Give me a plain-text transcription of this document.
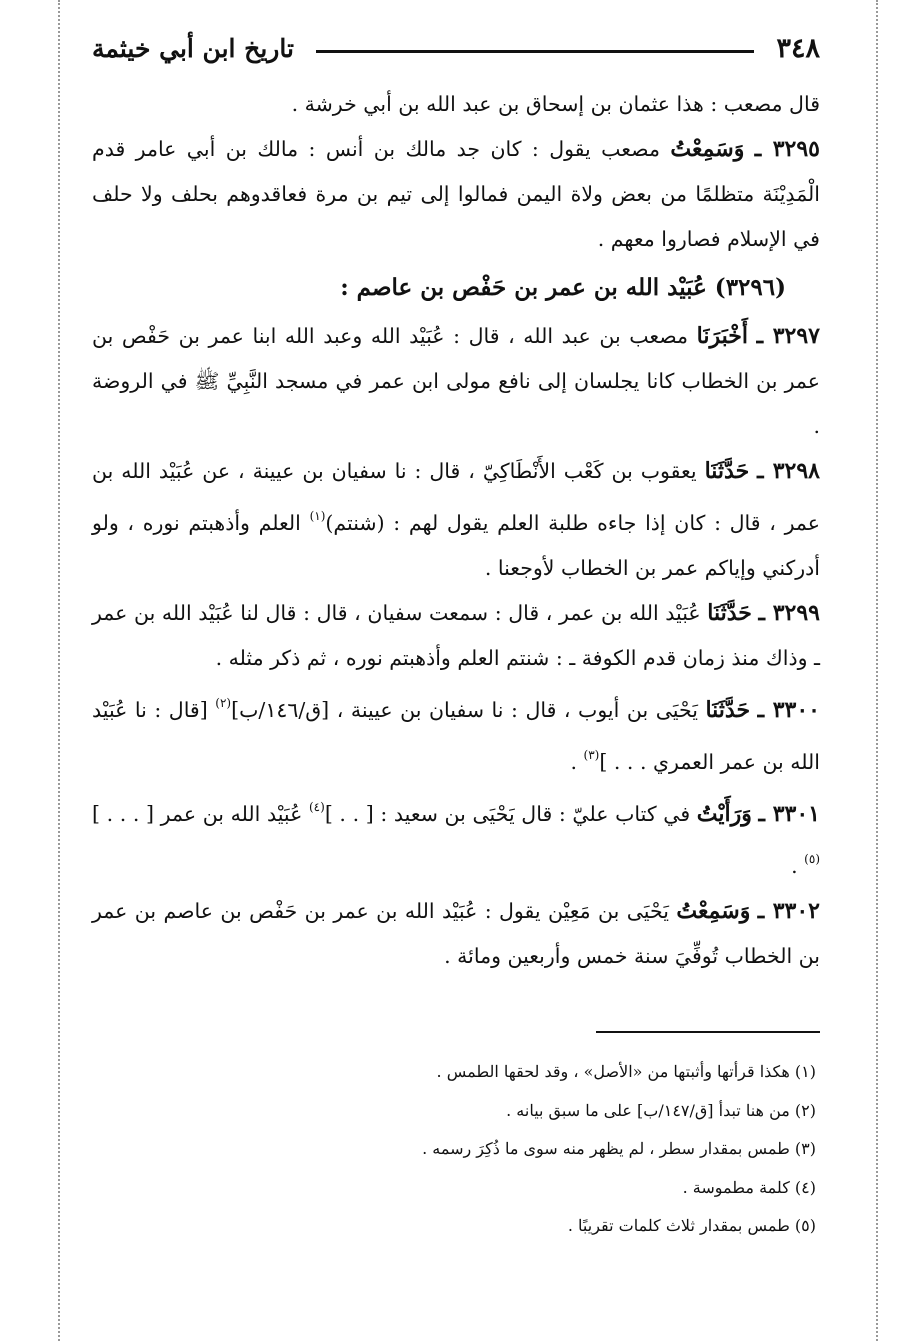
٣٤٨
تاريخ ابن أبي خيثمة

قال مصعب : هذا عثمان بن إسحاق بن عبد الله بن أبي خرشة .

٣٢٩٥ ـ وَسَمِعْتُ مصعب يقول : كان جد مالك بن أنس : مالك بن أبي عامر قدم الْمَدِيْنَة متظلمًا من بعض ولاة اليمن فمالوا إلى تيم بن مرة فعاقدوهم بحلف ولا حلف في الإسلام فصاروا معهم .

(٣٢٩٦) عُبَيْد الله بن عمر بن حَفْص بن عاصم :

٣٢٩٧ ـ أَخْبَرَنَا مصعب بن عبد الله ، قال : عُبَيْد الله وعبد الله ابنا عمر بن حَفْص بن عمر بن الخطاب كانا يجلسان إلى نافع مولى ابن عمر في مسجد النَّبِيِّ ﷺ في الروضة .

٣٢٩٨ ـ حَدَّثَنَا يعقوب بن كَعْب الأَنْطَاكِيّ ، قال : نا سفيان بن عيينة ، عن عُبَيْد الله بن عمر ، قال : كان إذا جاءه طلبة العلم يقول لهم : (شنتم)$^{(١)}$ العلم وأذهبتم نوره ، ولو أدركني وإياكم عمر بن الخطاب لأوجعنا .

٣٢٩٩ ـ حَدَّثَنَا عُبَيْد الله بن عمر ، قال : سمعت سفيان ، قال : قال لنا عُبَيْد الله بن عمر ـ وذاك منذ زمان قدم الكوفة ـ : شنتم العلم وأذهبتم نوره ، ثم ذكر مثله .

٣٣٠٠ ـ حَدَّثَنَا يَحْيَى بن أيوب ، قال : نا سفيان بن عيينة ، [ق/١٤٦/ب]$^{(٢)}$ [قال : نا عُبَيْد الله بن عمر العمري . . . ]$^{(٣)}$ .

٣٣٠١ ـ وَرَأَيْتُ في كتاب عليّ : قال يَحْيَى بن سعيد : [ . . ]$^{(٤)}$ عُبَيْد الله بن عمر [ . . . ]$^{(٥)}$ .

٣٣٠٢ ـ وَسَمِعْتُ يَحْيَى بن مَعِيْن يقول : عُبَيْد الله بن عمر بن حَفْص بن عاصم بن عمر بن الخطاب تُوفِّيَ سنة خمس وأربعين ومائة .

(١) هكذا قرأتها وأثبتها من «الأصل» ، وقد لحقها الطمس .
(٢) من هنا تبدأ [ق/١٤٧/ب] على ما سبق بيانه .
(٣) طمس بمقدار سطر ، لم يظهر منه سوى ما ذُكِرَ رسمه .
(٤) كلمة مطموسة .
(٥) طمس بمقدار ثلاث كلمات تقريبًا .
